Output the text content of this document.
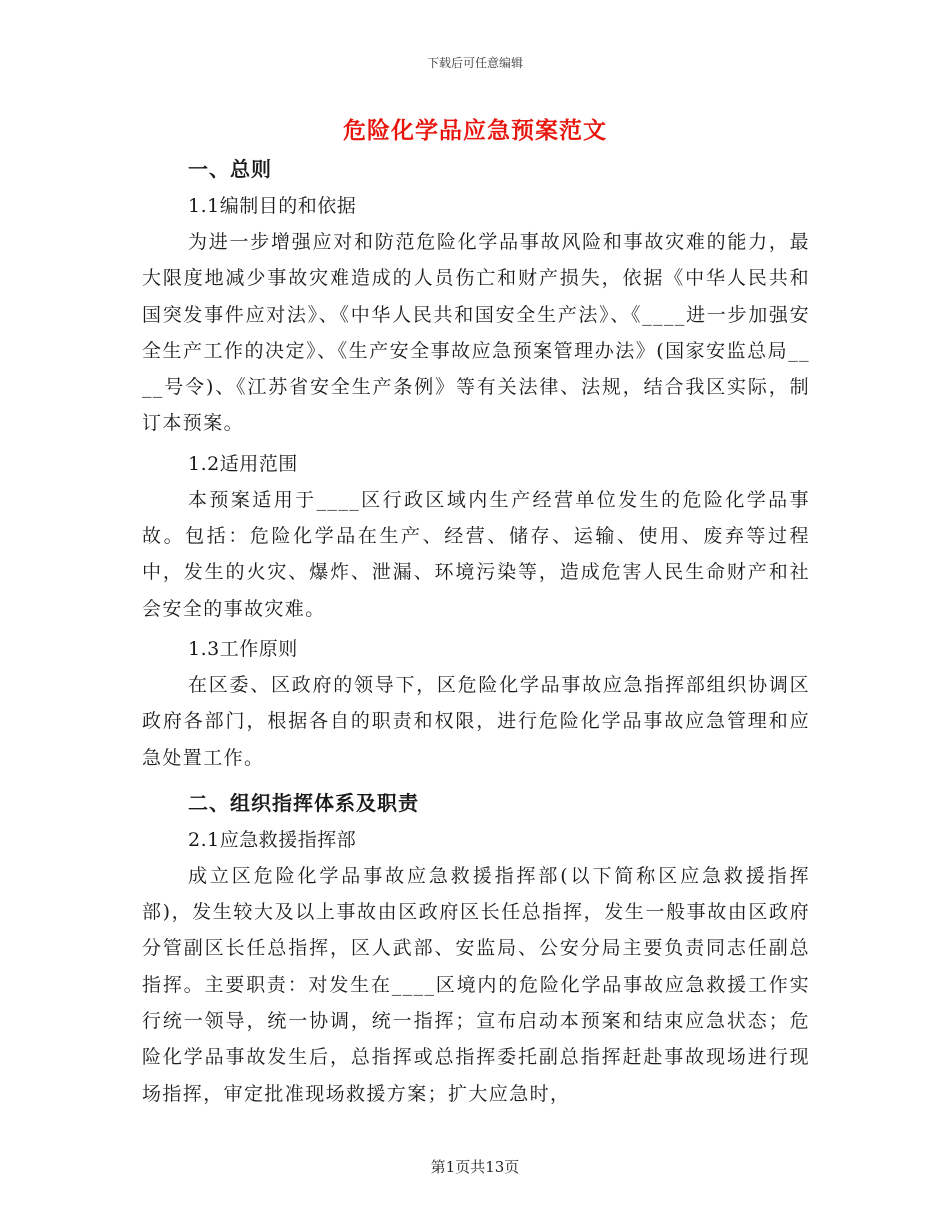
下载后可任意编辑
危险化学品应急预案范文
一、总则
1.1编制目的和依据

为进一步增强应对和防范危险化学品事故风险和事故灾难的能力，最大限度地减少事故灾难造成的人员伤亡和财产损失，依据《中华人民共和国突发事件应对法》、《中华人民共和国安全生产法》、《____进一步加强安全生产工作的决定》、《生产安全事故应急预案管理办法》(国家安监总局____号令)、《江苏省安全生产条例》等有关法律、法规，结合我区实际，制订本预案。

1.2适用范围

本预案适用于____区行政区域内生产经营单位发生的危险化学品事故。包括：危险化学品在生产、经营、储存、运输、使用、废弃等过程中，发生的火灾、爆炸、泄漏、环境污染等，造成危害人民生命财产和社会安全的事故灾难。

1.3工作原则

在区委、区政府的领导下，区危险化学品事故应急指挥部组织协调区政府各部门，根据各自的职责和权限，进行危险化学品事故应急管理和应急处置工作。

二、组织指挥体系及职责
2.1应急救援指挥部

成立区危险化学品事故应急救援指挥部(以下简称区应急救援指挥部)，发生较大及以上事故由区政府区长任总指挥，发生一般事故由区政府分管副区长任总指挥，区人武部、安监局、公安分局主要负责同志任副总指挥。主要职责：对发生在____区境内的危险化学品事故应急救援工作实行统一领导，统一协调，统一指挥；宣布启动本预案和结束应急状态；危险化学品事故发生后，总指挥或总指挥委托副总指挥赶赴事故现场进行现场指挥，审定批准现场救援方案；扩大应急时，

第1页共13页
